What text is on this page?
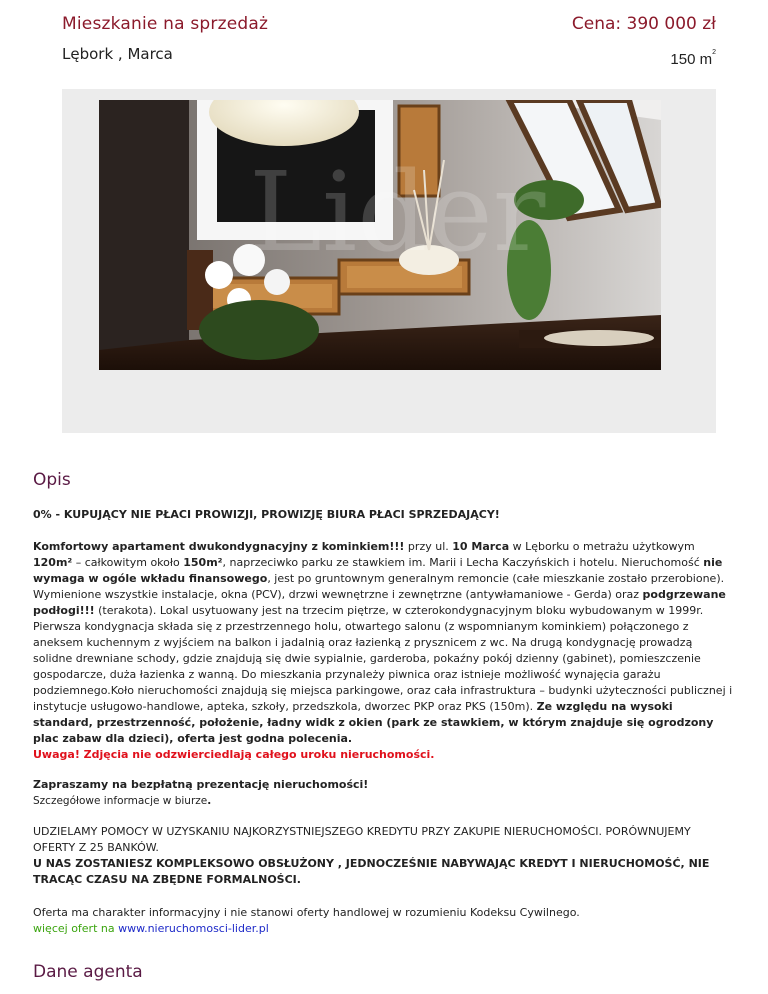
Mieszkanie na sprzedaż	Cena: 390 000 zł
Lębork , Marca	150 $m^2$
Lider
Opis

0% - KUPUJĄCY NIE PŁACI PROWIZJI, PROWIZJĘ BIURA PŁACI SPRZEDAJĄCY!

Komfortowy apartament dwukondygnacyjny z kominkiem!!! przy ul. 10 Marca w Lęborku o metrażu użytkowym 120m² – całkowitym około 150m², naprzeciwko parku ze stawkiem im. Marii i Lecha Kaczyńskich i hotelu. Nieruchomość nie wymaga w ogóle wkładu finansowego, jest po gruntownym generalnym remoncie (całe mieszkanie zostało przerobione). Wymienione wszystkie instalacje, okna (PCV), drzwi wewnętrzne i zewnętrzne (antywłamaniowe - Gerda) oraz podgrzewane podłogi!!! (terakota). Lokal usytuowany jest na trzecim piętrze, w czterokondygnacyjnym bloku wybudowanym w 1999r. Pierwsza kondygnacja składa się z przestrzennego holu, otwartego salonu (z wspomnianym kominkiem) połączonego z aneksem kuchennym z wyjściem na balkon i jadalnią oraz łazienką z prysznicem z wc. Na drugą kondygnację prowadzą solidne drewniane schody, gdzie znajdują się dwie sypialnie, garderoba, pokaźny pokój dzienny (gabinet), pomieszczenie gospodarcze, duża łazienka z wanną. Do mieszkania przynależy piwnica oraz istnieje możliwość wynajęcia garażu podziemnego.Koło nieruchomości znajdują się miejsca parkingowe, oraz cała infrastruktura – budynki użyteczności publicznej i instytucje usługowo-handlowe, apteka, szkoły, przedszkola, dworzec PKP oraz PKS (150m). Ze względu na wysoki standard, przestrzenność, położenie, ładny widk z okien (park ze stawkiem, w którym znajduje się ogrodzony plac zabaw dla dzieci), oferta jest godna polecenia.

Uwaga! Zdjęcia nie odzwierciedlają całego uroku nieruchomości.

Zapraszamy na bezpłatną prezentację nieruchomości!

Szczegółowe informacje w biurze.

UDZIELAMY POMOCY W UZYSKANIU NAJKORZYSTNIEJSZEGO KREDYTU PRZY ZAKUPIE NIERUCHOMOŚCI. PORÓWNUJEMY OFERTY Z 25 BANKÓW.

U NAS ZOSTANIESZ KOMPLEKSOWO OBSŁUŻONY , JEDNOCZEŚNIE NABYWAJĄC KREDYT I NIERUCHOMOŚĆ, NIE TRACĄC CZASU NA ZBĘDNE FORMALNOŚCI.

Oferta ma charakter informacyjny i nie stanowi oferty handlowej w rozumieniu Kodeksu Cywilnego.

więcej ofert na www.nieruchomosci-lider.pl

Dane agenta
